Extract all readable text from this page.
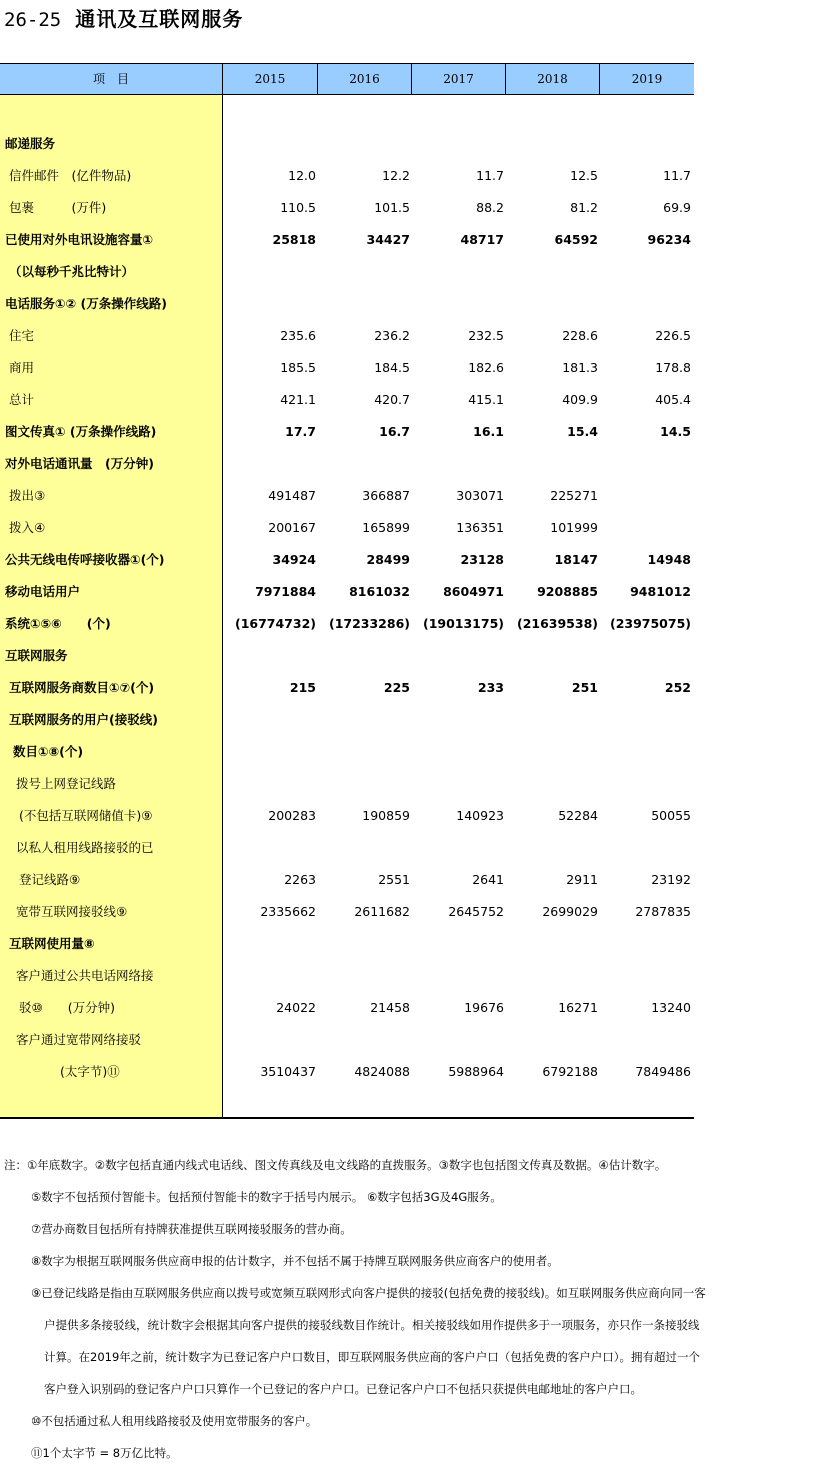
26-25 通讯及互联网服务
项　目	2015	2016	2017	2018	2019
邮递服务
信件邮件　(亿件物品)	12.0	12.2	11.7	12.5	11.7
包裹　　　(万件)	110.5	101.5	88.2	81.2	69.9
已使用对外电讯设施容量①	25818	34427	48717	64592	96234
（以每秒千兆比特计）
电话服务①② (万条操作线路)
住宅	235.6	236.2	232.5	228.6	226.5
商用	185.5	184.5	182.6	181.3	178.8
总计	421.1	420.7	415.1	409.9	405.4
图文传真① (万条操作线路)	17.7	16.7	16.1	15.4	14.5
对外电话通讯量　(万分钟)
拨出③	491487	366887	303071	225271
拨入④	200167	165899	136351	101999
公共无线电传呼接收器①(个)	34924	28499	23128	18147	14948
移动电话用户	7971884	8161032	8604971	9208885	9481012
系统①⑤⑥　　(个)	(16774732)	(17233286)	(19013175)	(21639538) (23975075)
互联网服务
互联网服务商数目①⑦(个)	215	225	233	251	252
互联网服务的用户(接驳线)
数目①⑧(个)
拨号上网登记线路
(不包括互联网储值卡)⑨	200283	190859	140923	52284	50055
以私人租用线路接驳的已
登记线路⑨	2263	2551	2641	2911	23192
宽带互联网接驳线⑨	2335662	2611682	2645752	2699029	2787835
互联网使用量⑧
客户通过公共电话网络接
驳⑩　　(万分钟)	24022	21458	19676	16271	13240
客户通过宽带网络接驳
(太字节)⑪	3510437	4824088	5988964	6792188	7849486
注：①年底数字。②数字包括直通内线式电话线、图文传真线及电文线路的直拨服务。③数字也包括图文传真及数据。④估计数字。
⑤数字不包括预付智能卡。包括预付智能卡的数字于括号内展示。 ⑥数字包括3G及4G服务。
⑦营办商数目包括所有持牌获准提供互联网接驳服务的营办商。
⑧数字为根据互联网服务供应商申报的估计数字，并不包括不属于持牌互联网服务供应商客户的使用者。
⑨已登记线路是指由互联网服务供应商以拨号或宽频互联网形式向客户提供的接驳(包括免费的接驳线)。如互联网服务供应商向同一客
户提供多条接驳线，统计数字会根据其向客户提供的接驳线数目作统计。相关接驳线如用作提供多于一项服务，亦只作一条接驳线
计算。在2019年之前，统计数字为已登记客户户口数目，即互联网服务供应商的客户户口（包括免费的客户户口）。拥有超过一个
客户登入识别码的登记客户户口只算作一个已登记的客户户口。已登记客户户口不包括只获提供电邮地址的客户户口。
⑩不包括通过私人租用线路接驳及使用宽带服务的客户。
⑪1个太字节 = 8万亿比特。
